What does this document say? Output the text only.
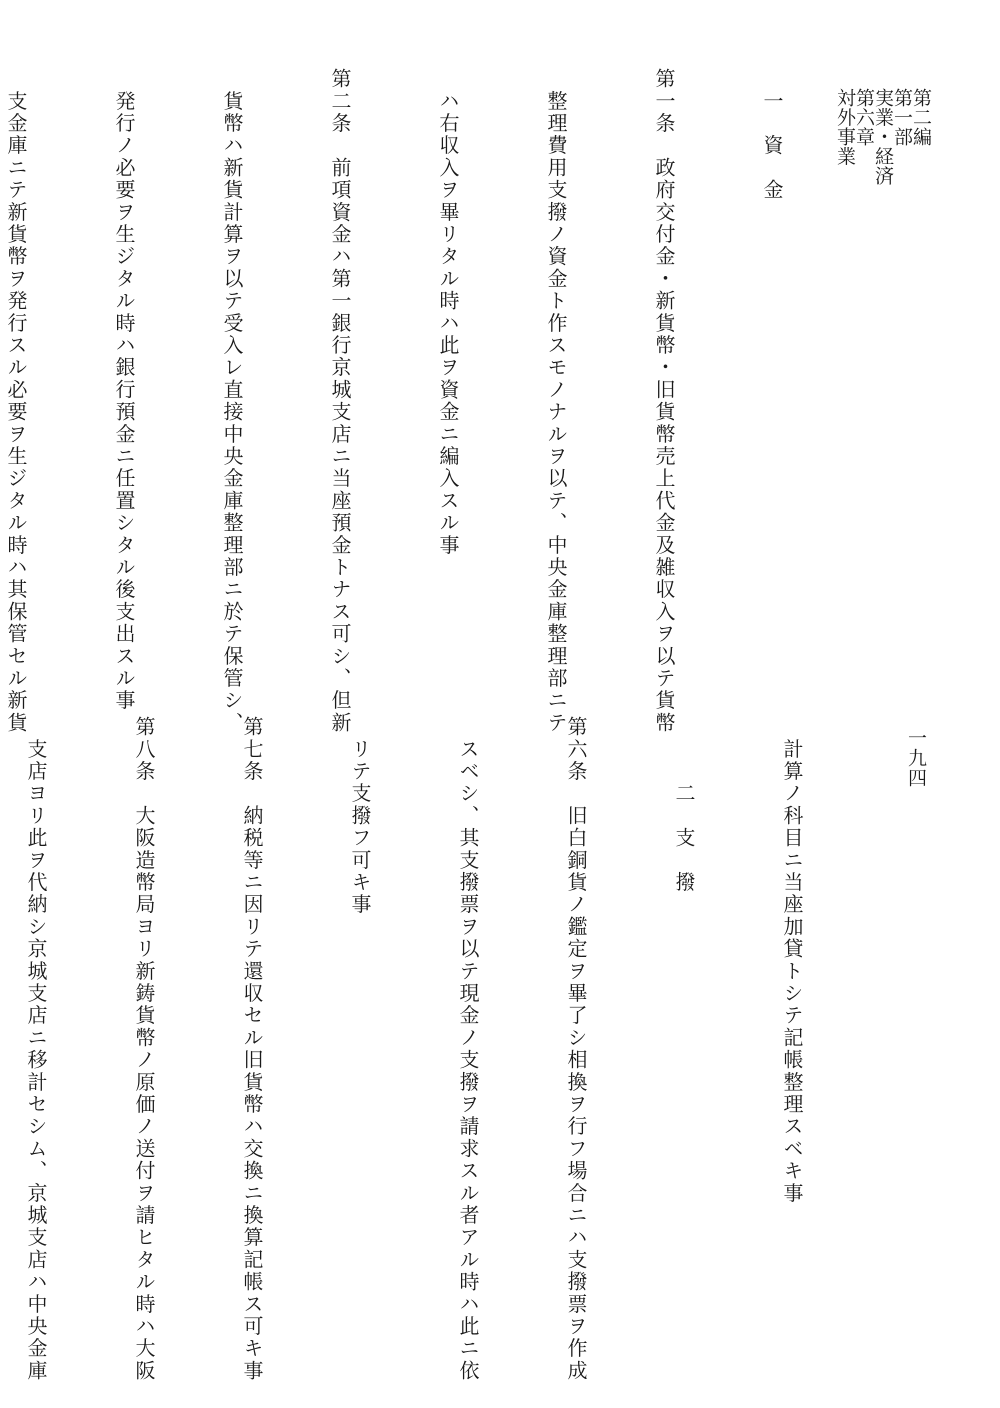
第二編
第一部
実業・経済
第六章
対外事業
一九四

　一　資　金

第一条　政府交付金・新貨幣・旧貨幣売上代金及雑収入ヲ以テ貨幣

　整理費用支撥ノ資金ト作スモノナルヲ以テ、中央金庫整理部ニテ

　ハ右収入ヲ畢リタル時ハ此ヲ資金ニ編入スル事

第二条　前項資金ハ第一銀行京城支店ニ当座預金トナス可シ、但新

　貨幣ハ新貨計算ヲ以テ受入レ直接中央金庫整理部ニ於テ保管シ、

　発行ノ必要ヲ生ジタル時ハ銀行預金ニ任置シタル後支出スル事

　支金庫ニテ新貨幣ヲ発行スル必要ヲ生ジタル時ハ其保管セル新貨

　計算ノ科目ニ当座加貸トシテ記帳整理スベキ事

　　　二　支　撥

第六条　旧白銅貨ノ鑑定ヲ畢了シ相換ヲ行フ場合ニハ支撥票ヲ作成

　スベシ、其支撥票ヲ以テ現金ノ支撥ヲ請求スル者アル時ハ此ニ依

　リテ支撥フ可キ事

第七条　納税等ニ因リテ還収セル旧貨幣ハ交換ニ換算記帳ス可キ事

第八条　大阪造幣局ヨリ新鋳貨幣ノ原価ノ送付ヲ請ヒタル時ハ大阪

　支店ヨリ此ヲ代納シ京城支店ニ移計セシム、京城支店ハ中央金庫
